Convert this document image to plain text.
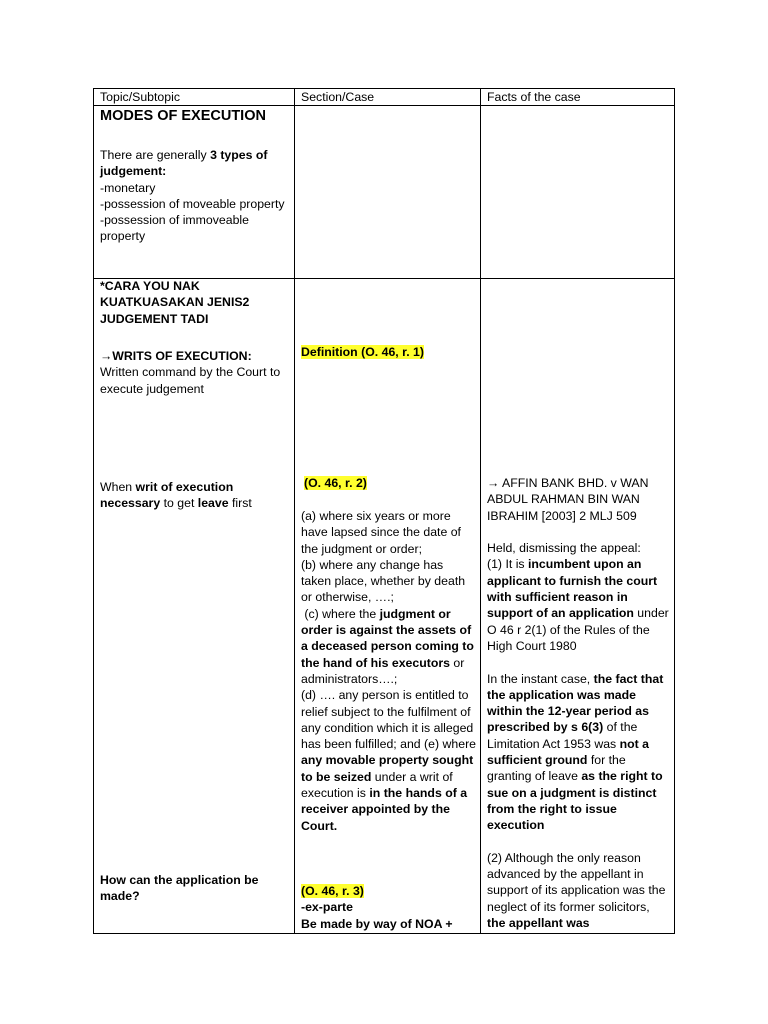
Topic/Subtopic	Section/Case	Facts of the case
MODES OF EXECUTION

There are generally 3 types of judgement:

-monetary

-possession of moveable property

-possession of immoveable property

*CARA YOU NAK KUATKUASAKAN JENIS2 JUDGEMENT TADI

→WRITS OF EXECUTION:

Written command by the Court to execute judgement

When writ of execution necessary to get leave first

How can the application be made?
Definition (O. 46, r. 1)
(O. 46, r. 2)

(a) where six years or more have lapsed since the date of the judgment or order;

(b) where any change has taken place, whether by death or otherwise, ….;

(c) where the judgment or order is against the assets of a deceased person coming to the hand of his executors or administrators….;

(d) …. any person is entitled to relief subject to the fulfilment of any condition which it is alleged has been fulfilled; and (e) where any movable property sought to be seized under a writ of execution is in the hands of a receiver appointed by the Court.

(O. 46, r. 3)

-ex-parte

Be made by way of NOA +

→ AFFIN BANK BHD. v WAN ABDUL RAHMAN BIN WAN IBRAHIM [2003] 2 MLJ 509

Held, dismissing the appeal:

(1) It is incumbent upon an applicant to furnish the court with sufficient reason in support of an application under O 46 r 2(1) of the Rules of the High Court 1980

In the instant case, the fact that the application was made within the 12-year period as prescribed by s 6(3) of the Limitation Act 1953 was not a sufficient ground for the granting of leave as the right to sue on a judgment is distinct from the right to issue execution

(2) Although the only reason advanced by the appellant in support of its application was the neglect of its former solicitors, the appellant was
